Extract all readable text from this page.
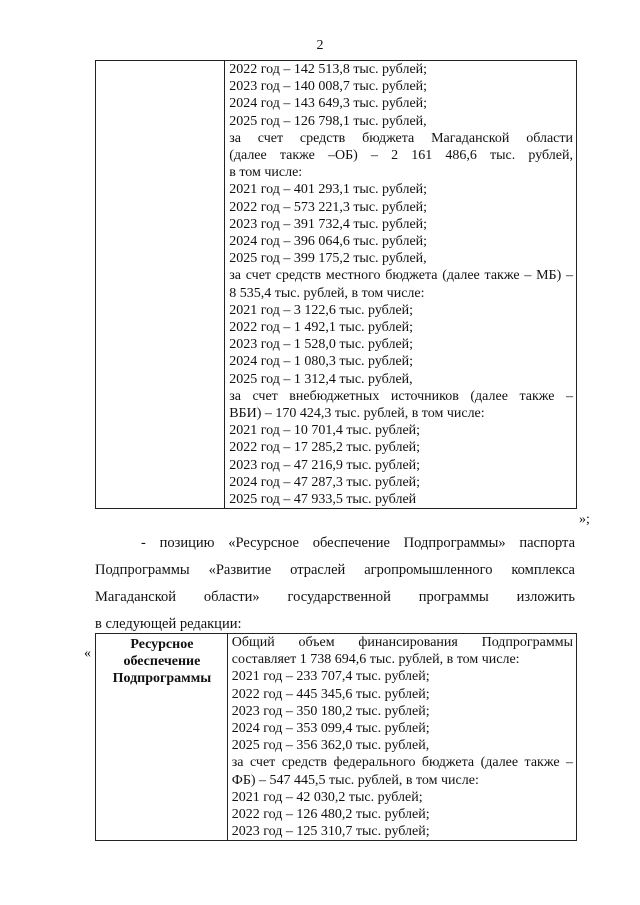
2

2022 год – 142 513,8 тыс. рублей;
2023 год – 140 008,7 тыс. рублей;
2024 год – 143 649,3 тыс. рублей;
2025 год – 126 798,1 тыс. рублей,
за счет средств бюджета Магаданской области
(далее также –ОБ) – 2 161 486,6 тыс. рублей,
в том числе:
2021 год – 401 293,1 тыс. рублей;
2022 год – 573 221,3 тыс. рублей;
2023 год – 391 732,4 тыс. рублей;
2024 год – 396 064,6 тыс. рублей;
2025 год – 399 175,2 тыс. рублей,
за счет средств местного бюджета (далее также – МБ) –
8 535,4 тыс. рублей, в том числе:
2021 год – 3 122,6 тыс. рублей;
2022 год – 1 492,1 тыс. рублей;
2023 год – 1 528,0 тыс. рублей;
2024 год – 1 080,3 тыс. рублей;
2025 год – 1 312,4 тыс. рублей,
за счет внебюджетных источников (далее также –
ВБИ) – 170 424,3 тыс. рублей, в том числе:
2021 год – 10 701,4 тыс. рублей;
2022 год – 17 285,2 тыс. рублей;
2023 год – 47 216,9 тыс. рублей;
2024 год – 47 287,3 тыс. рублей;
2025 год – 47 933,5 тыс. рублей
»;
- позицию «Ресурсное обеспечение Подпрограммы» паспорта
Подпрограммы «Развитие отраслей агропромышленного комплекса
Магаданской области» государственной программы изложить
в следующей редакции:
«
Ресурсное
обеспечение
Подпрограммы

Общий объем финансирования Подпрограммы
составляет 1 738 694,6 тыс. рублей, в том числе:
2021 год – 233 707,4 тыс. рублей;
2022 год – 445 345,6 тыс. рублей;
2023 год – 350 180,2 тыс. рублей;
2024 год – 353 099,4 тыс. рублей;
2025 год – 356 362,0 тыс. рублей,
за счет средств федерального бюджета (далее также –
ФБ) – 547 445,5 тыс. рублей, в том числе:
2021 год – 42 030,2 тыс. рублей;
2022 год – 126 480,2 тыс. рублей;
2023 год – 125 310,7 тыс. рублей;
